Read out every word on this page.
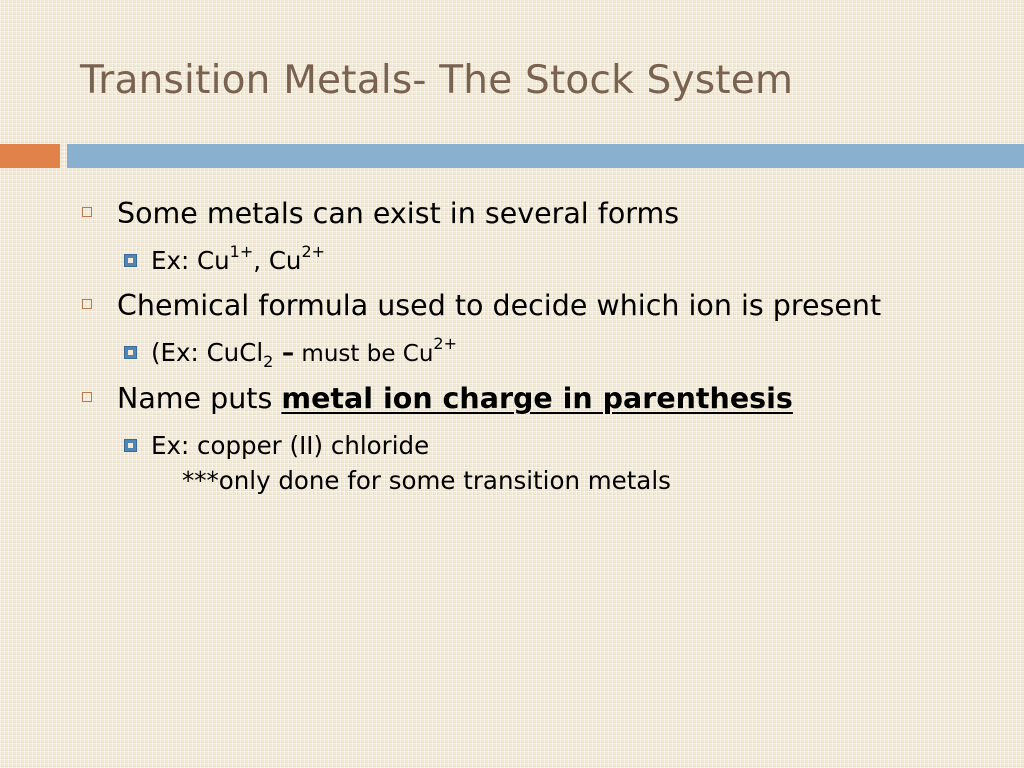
Transition Metals- The Stock System
Some metals can exist in several forms
Ex: $Cu^{1+}$, $Cu^{2+}$
Chemical formula used to decide which ion is present
(Ex: CuCl$_2$ – must be $Cu^{2+}$
Name puts metal ion charge in parenthesis
Ex: copper (II) chloride
***only done for some transition metals
